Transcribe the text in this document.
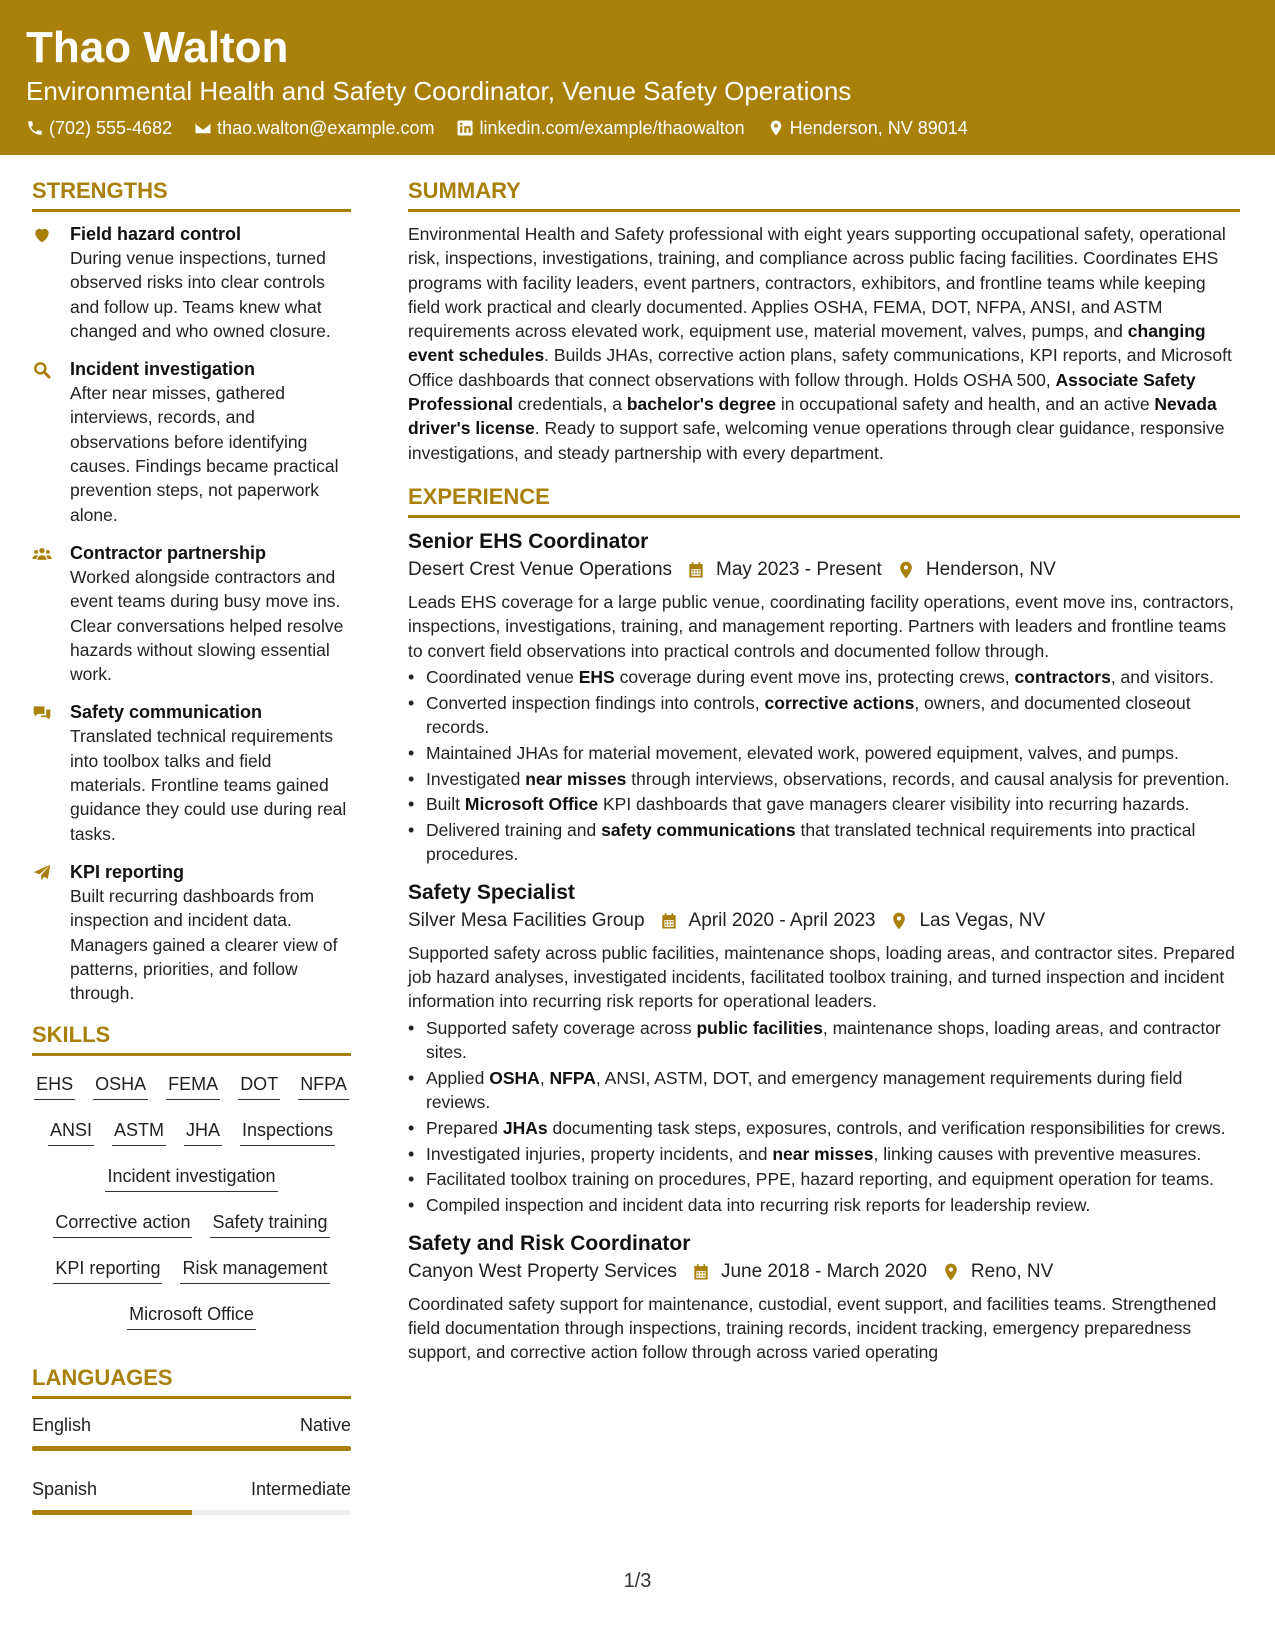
Thao Walton
Environmental Health and Safety Coordinator, Venue Safety Operations
(702) 555-4682	thao.walton@example.com	linkedin.com/example/thaowalton	Henderson, NV 89014
STRENGTHS
Field hazard control
During venue inspections, turned observed risks into clear controls and follow up. Teams knew what changed and who owned closure.
Incident investigation
After near misses, gathered interviews, records, and observations before identifying causes. Findings became practical prevention steps, not paperwork alone.
Contractor partnership
Worked alongside contractors and event teams during busy move ins. Clear conversations helped resolve hazards without slowing essential work.
Safety communication
Translated technical requirements into toolbox talks and field materials. Frontline teams gained guidance they could use during real tasks.
KPI reporting
Built recurring dashboards from inspection and incident data. Managers gained a clearer view of patterns, priorities, and follow through.
SKILLS
EHS OSHA FEMA DOT NFPA
ANSI ASTM JHA Inspections
Incident investigation
Corrective action Safety training
KPI reporting Risk management
Microsoft Office
LANGUAGES
English	Native
Spanish	Intermediate
SUMMARY
Environmental Health and Safety professional with eight years supporting occupational safety, operational risk, inspections, investigations, training, and compliance across public facing facilities. Coordinates EHS programs with facility leaders, event partners, contractors, exhibitors, and frontline teams while keeping field work practical and clearly documented. Applies OSHA, FEMA, DOT, NFPA, ANSI, and ASTM requirements across elevated work, equipment use, material movement, valves, pumps, and changing event schedules. Builds JHAs, corrective action plans, safety communications, KPI reports, and Microsoft Office dashboards that connect observations with follow through. Holds OSHA 500, Associate Safety Professional credentials, a bachelor's degree in occupational safety and health, and an active Nevada driver's license. Ready to support safe, welcoming venue operations through clear guidance, responsive investigations, and steady partnership with every department.
EXPERIENCE
Senior EHS Coordinator
Desert Crest Venue Operations May 2023 - Present Henderson, NV
Leads EHS coverage for a large public venue, coordinating facility operations, event move ins, contractors, inspections, investigations, training, and management reporting. Partners with leaders and frontline teams to convert field observations into practical controls and documented follow through.
• Coordinated venue EHS coverage during event move ins, protecting crews, contractors, and visitors.
• Converted inspection findings into controls, corrective actions, owners, and documented closeout records.
• Maintained JHAs for material movement, elevated work, powered equipment, valves, and pumps.
• Investigated near misses through interviews, observations, records, and causal analysis for prevention.
• Built Microsoft Office KPI dashboards that gave managers clearer visibility into recurring hazards.
• Delivered training and safety communications that translated technical requirements into practical procedures.
Safety Specialist
Silver Mesa Facilities Group April 2020 - April 2023 Las Vegas, NV
Supported safety across public facilities, maintenance shops, loading areas, and contractor sites. Prepared job hazard analyses, investigated incidents, facilitated toolbox training, and turned inspection and incident information into recurring risk reports for operational leaders.
• Supported safety coverage across public facilities, maintenance shops, loading areas, and contractor sites.
• Applied OSHA, NFPA, ANSI, ASTM, DOT, and emergency management requirements during field reviews.
• Prepared JHAs documenting task steps, exposures, controls, and verification responsibilities for crews.
• Investigated injuries, property incidents, and near misses, linking causes with preventive measures.
• Facilitated toolbox training on procedures, PPE, hazard reporting, and equipment operation for teams.
• Compiled inspection and incident data into recurring risk reports for leadership review.
Safety and Risk Coordinator
Canyon West Property Services June 2018 - March 2020 Reno, NV
Coordinated safety support for maintenance, custodial, event support, and facilities teams. Strengthened field documentation through inspections, training records, incident tracking, emergency preparedness support, and corrective action follow through across varied operating
1/3
